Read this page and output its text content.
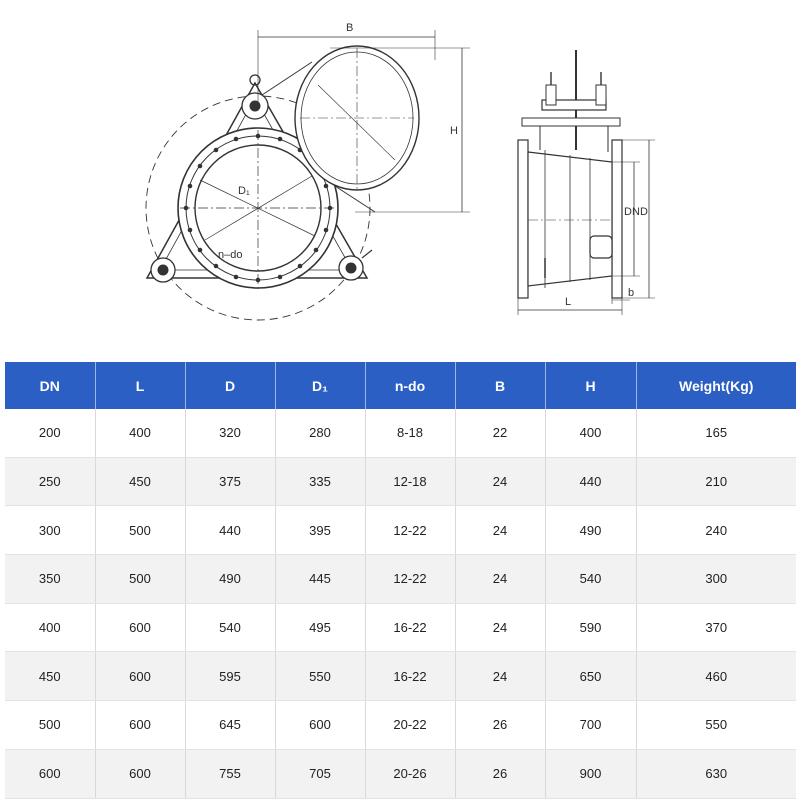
B
H
D₁
n–do
DN D
L
b
DN	L	D	D₁	n-do	B	H	Weight(Kg)
200	400	320	280	8-18	22	400	165
250	450	375	335	12-18	24	440	210
300	500	440	395	12-22	24	490	240
350	500	490	445	12-22	24	540	300
400	600	540	495	16-22	24	590	370
450	600	595	550	16-22	24	650	460
500	600	645	600	20-22	26	700	550
600	600	755	705	20-26	26	900	630
